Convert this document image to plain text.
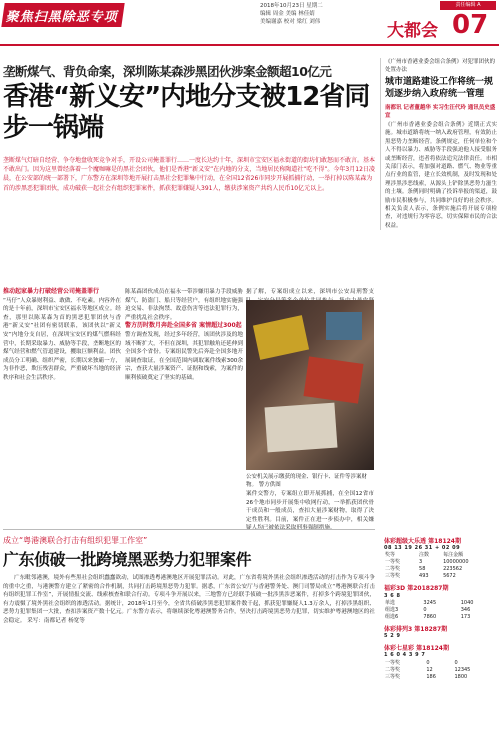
聚焦扫黑除恶专项斗争
2018年10月23日 星期二
编辑 周金 美编 林佳婧
美编谢嘉 校对 梁红 刘伟
责任编辑 A
大都会 07
垄断煤气、背负命案，深圳陈某森涉黑团伙涉案金额超10亿元
香港“新义安”内地分支被12省同步一锅端
垄断煤气灯暗自经营、争夺地盘收死竞争对手，开设公司掩盖罪行……一度长达约十年，深圳市宝安区福永街道的街坊们敢怒而不敢言。基本不敢出门。因为这里曾经落着一个魔咖嘛是的黑社会团伙，他们是香港“新义安”在内地的分支，当地居民称陶道社“吃不得”。今年3月12日凌晨，在公安部的统一部署下，广东警方在深圳等地开展打击黑社会犯罪集中行动，在全国12省26市同步开展抓捕行动，一举打掉以陈某森为首的涉黑恶犯罪团伙，成功破获一起社会有组织犯罪案件，抓获犯罪嫌疑人391人，缴获涉案资产共约人民币10亿元以上。
推动起家暴力打破经营公司掩盖罪行

“马仔”人众暴财利益、敢做、不吃素。内容外在的是十年前，深圳市宝安区福永等地区成立。经查，那里以陈某森为首的黑恶犯罪团伙与香港“新义安”社团有密切联系，该团伙以“新义安”内地分支自居，在深圳宝安区的煤气燃料经营中，长期采取暴力、威胁等手段，垄断地区的煤气经营和燃气管道建设，攫取巨额利益。团伙成员分工明确、组织严密，长期以来独霸一方，为非作恶，欺压残害群众，严重破坏当地的经济秩序和社会生活秩序。

陈某森团伙成员在福永一带涉嫌用暴力手段威胁煤气、防盗门、船只等经营户，有组织地实施强迫交易、非法拘禁、故意伤害等违法犯罪行为，严重扰乱社会秩序。

警方历时数月奔赴全国多省 案情超过300起

警方调查发现，经过多年经营，该团伙涉及的地域不断扩大，不但在深圳，其犯罪触角还延伸到全国多个省份。专案组民警先后奔赴全国多地开展调查取证，在全国范围内调取案件线索300余宗，查获大量涉案资产、证据和线索，为案件的顺利侦破奠定了坚实的基础。

据了解，专案组成立以来，深圳市公安局刑警支

公安机关展示缴获的现金、银行卡、证件等涉案财物。 警方供图

案件交警方，专案组立即开展抓捕，在全国12省市26个地市同步开展集中收网行动，一举抓获团伙骨干成员和一般成员，查扣大量涉案财物，取得了决定性胜利。目前，案件正在进一步侦办中，相关嫌

成立“粤港澳联合打击有组织犯罪工作室”
广东侦破一批跨境黑恶势力犯罪案件
广东毗邻港澳，境外有些黑社会组织蠢蠢欲动，试图渗透粤港澳地区开展犯罪活动。对此，广东省将境外黑社会组织渗透活动的打击作为专项斗争的重中之重，与港澳警方建立了紧密的合作机制，共同打击跨境黑恶势力犯罪。据悉，广东省公安厅与香港警务处、澳门司警局成立“粤港澳联合打击有组织犯罪工作室”，开展情报交流、线索核查和联合行动。专项斗争开展以来，三地警方已经联手侦破一批涉黑涉恶案件，打掉多个跨境犯罪团伙，有力震慑了境外黑社会组织的渗透活动。据统计，2018年1月至今，全省共侦破涉黑恶犯罪案件数千起，抓获犯罪嫌疑人1.3万余人，打掉涉黑组织、恶势力犯罪集团一大批，查扣涉案资产数十亿元。广东警方表示，将继续深化粤港澳警务合作，坚决打击跨境黑恶势力犯罪，切实维护粤港澳地区的社会稳定。 采写：南都记者 杨宽等
《广州市香港业委会组合条例》对犯罪团伙的处置办法
城市道路建设工作将统一规划逐步纳入政府统一管理
南都讯 记者董越华 实习生汪代玲 通讯员史盛宣
《广州市香港业委会组合条例》近期正式实施。城市道路将统一纳入政府管理，有效防止黑恶势力垄断经营。条例规定，任何单位和个人不得以暴力、威胁等手段强迫他人接受服务或垄断经营，违者将依法追究法律责任。市相关部门表示，将加强对道路、燃气、物业等重点行业的监管，建立长效机制，及时发现和处理涉黑涉恶线索，从源头上铲除黑恶势力滋生的土壤。条例同时明确了投诉举报的渠道，鼓励市民积极参与，共同维护良好的社会秩序。相关负责人表示，条例实施后将开展专项检查，对违规行为零容忍，切实保障市民的合法权益。
体彩超级大乐透 第18124期
08 13 19 26 31 + 02 09
奖等	注数	每注金额
一等奖	3	10000000
二等奖	58	223562
三等奖	493	5672
福彩3D 第2018287期
3 6 8
单选	3245	1040
组选3	0	346
组选6	7860	173
体彩排列3 第18287期
5 2 9
体彩七星彩 第18124期
1 6 0 4 3 9 7
一等奖	0	0
二等奖	12	12345
三等奖	186	1800
